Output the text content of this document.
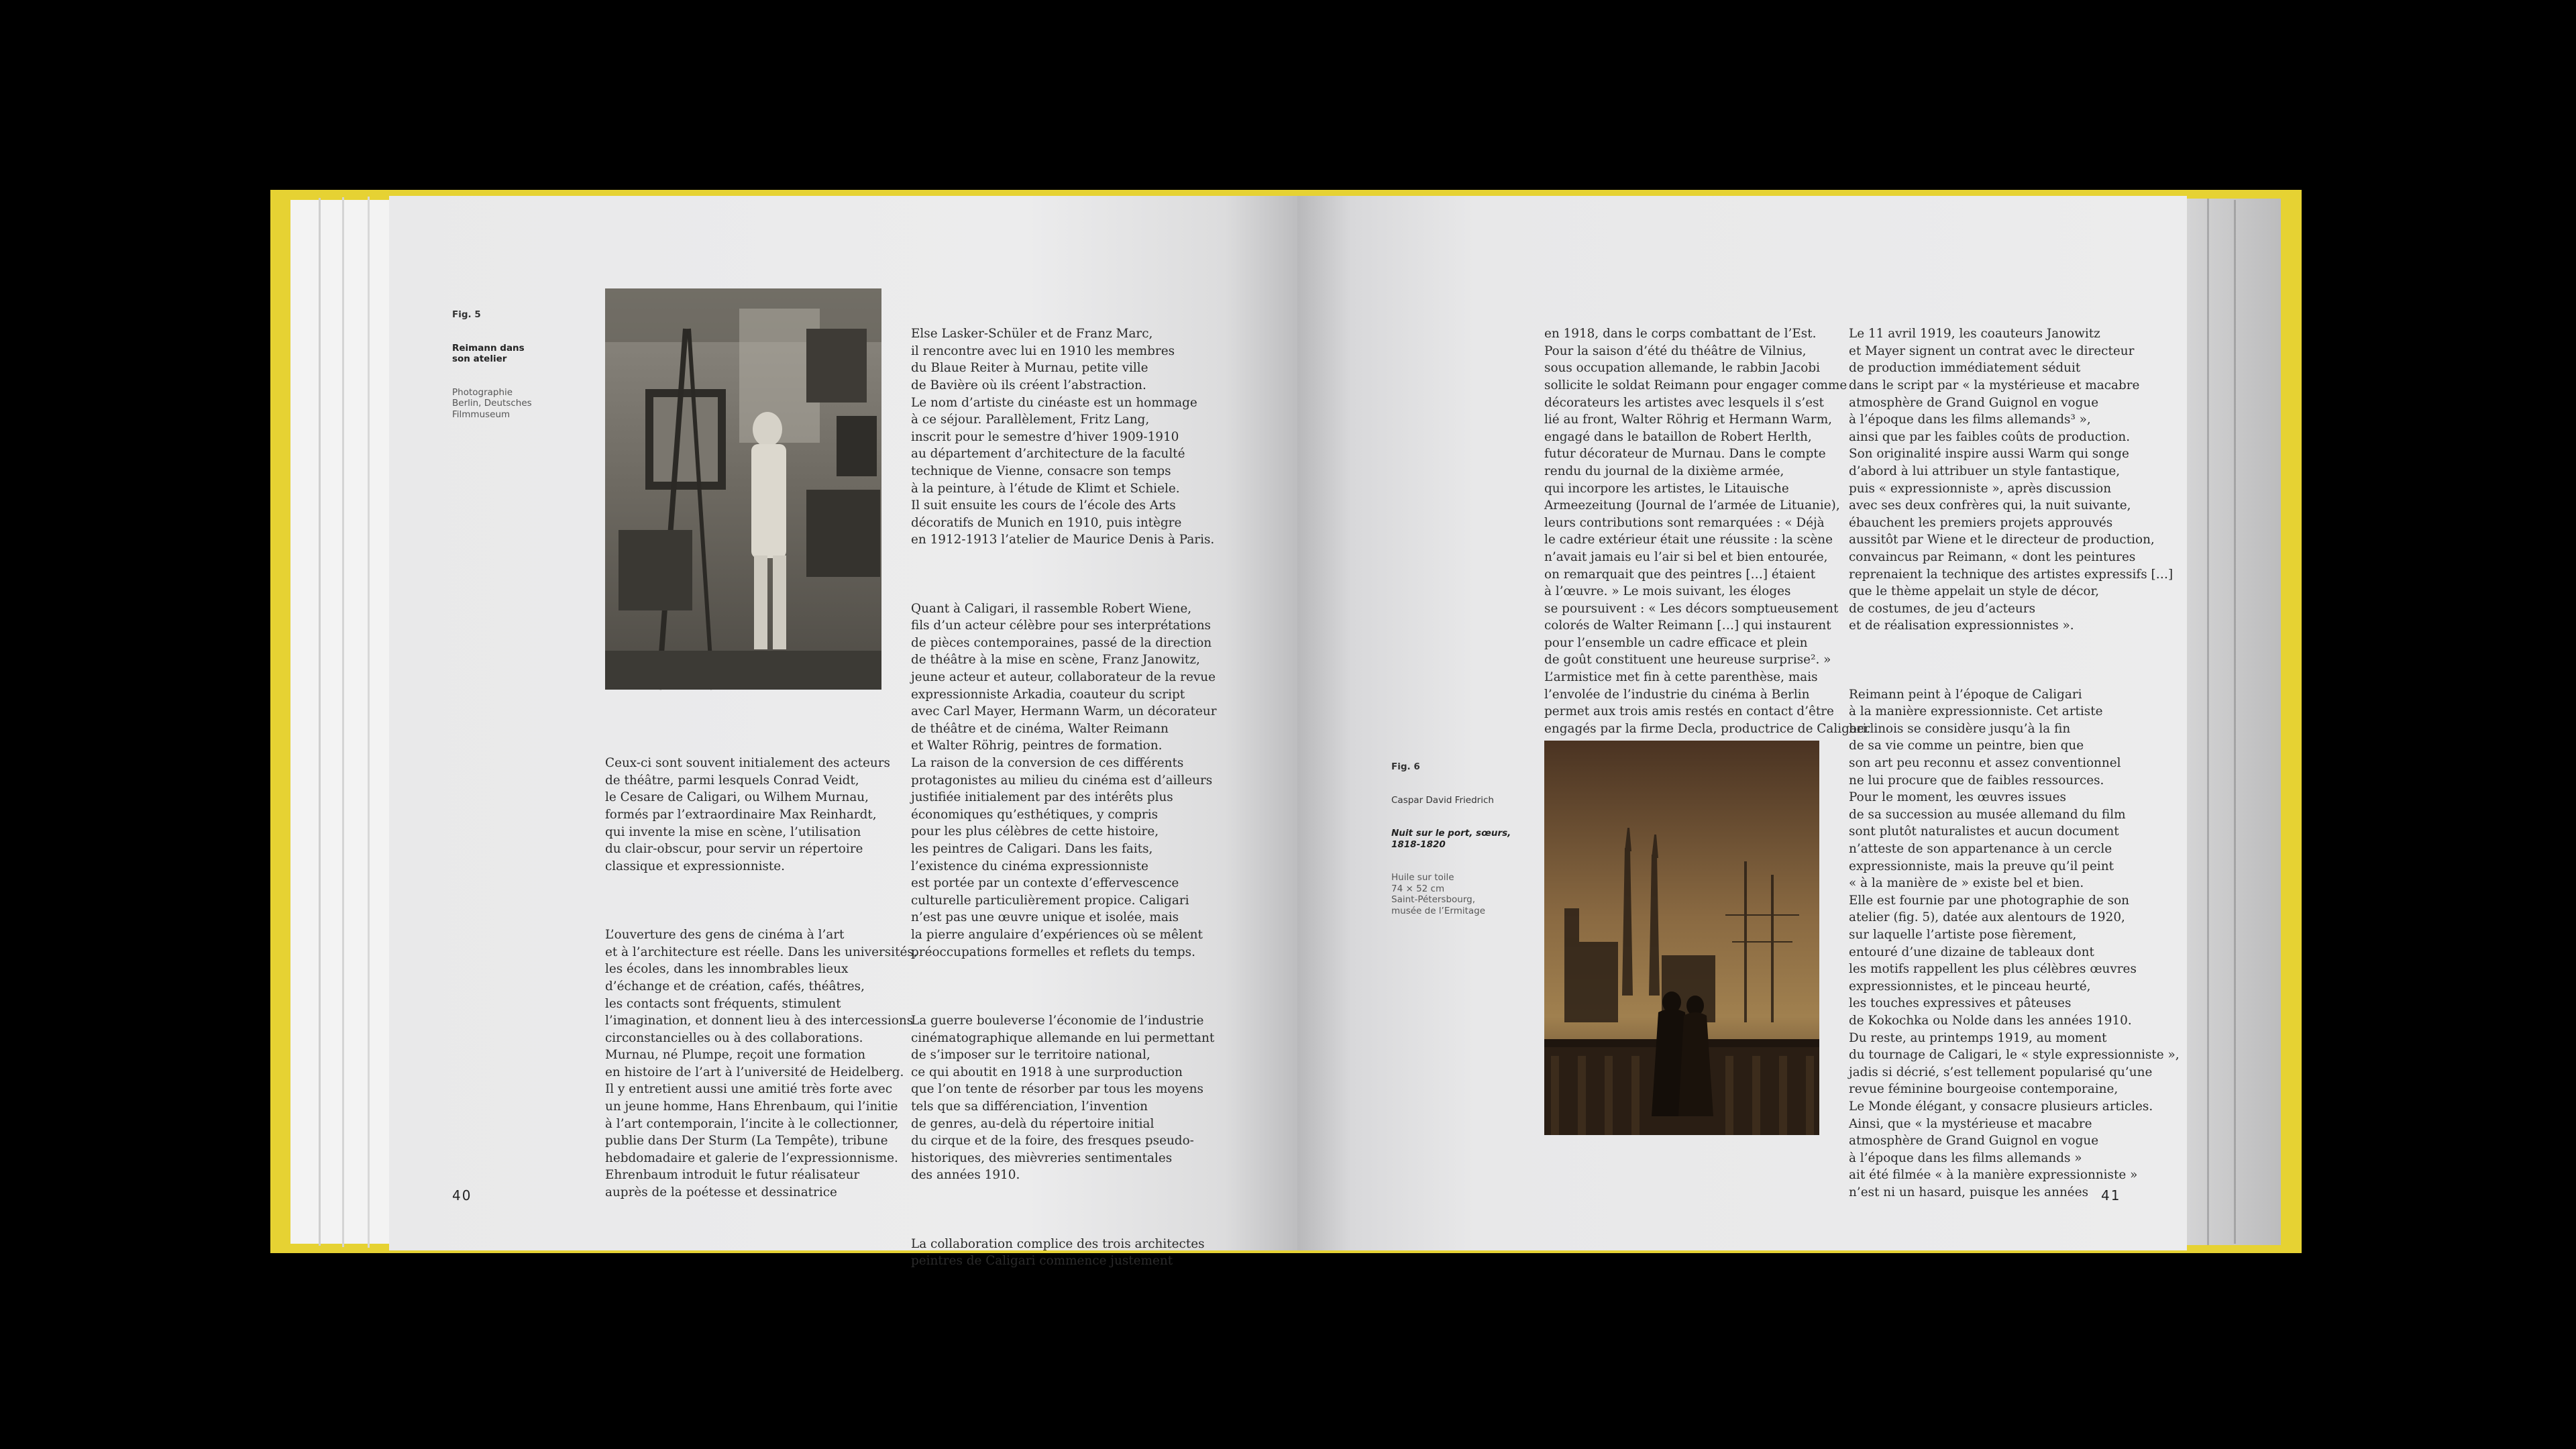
Fig. 5

Reimann dans
son atelier

Photographie
Berlin, Deutsches
Filmmuseum

Ceux-ci sont souvent initialement des acteurs
de théâtre, parmi lesquels Conrad Veidt,
le Cesare de Caligari, ou Wilhem Murnau,
formés par l’extraordinaire Max Reinhardt,
qui invente la mise en scène, l’utilisation
du clair-obscur, pour servir un répertoire
classique et expressionniste.

L’ouverture des gens de cinéma à l’art
et à l’architecture est réelle. Dans les universités,
les écoles, dans les innombrables lieux
d’échange et de création, cafés, théâtres,
les contacts sont fréquents, stimulent
l’imagination, et donnent lieu à des intercessions
circonstancielles ou à des collaborations.
Murnau, né Plumpe, reçoit une formation
en histoire de l’art à l’université de Heidelberg.
Il y entretient aussi une amitié très forte avec
un jeune homme, Hans Ehrenbaum, qui l’initie
à l’art contemporain, l’incite à le collectionner,
publie dans Der Sturm (La Tempête), tribune
hebdomadaire et galerie de l’expressionnisme.
Ehrenbaum introduit le futur réalisateur
auprès de la poétesse et dessinatrice

Else Lasker-Schüler et de Franz Marc,
il rencontre avec lui en 1910 les membres
du Blaue Reiter à Murnau, petite ville
de Bavière où ils créent l’abstraction.
Le nom d’artiste du cinéaste est un hommage
à ce séjour. Parallèlement, Fritz Lang,
inscrit pour le semestre d’hiver 1909-1910
au département d’architecture de la faculté
technique de Vienne, consacre son temps
à la peinture, à l’étude de Klimt et Schiele.
Il suit ensuite les cours de l’école des Arts
décoratifs de Munich en 1910, puis intègre
en 1912-1913 l’atelier de Maurice Denis à Paris.

Quant à Caligari, il rassemble Robert Wiene,
fils d’un acteur célèbre pour ses interprétations
de pièces contemporaines, passé de la direction
de théâtre à la mise en scène, Franz Janowitz,
jeune acteur et auteur, collaborateur de la revue
expressionniste Arkadia, coauteur du script
avec Carl Mayer, Hermann Warm, un décorateur
de théâtre et de cinéma, Walter Reimann
et Walter Röhrig, peintres de formation.
La raison de la conversion de ces différents
protagonistes au milieu du cinéma est d’ailleurs
justifiée initialement par des intérêts plus
économiques qu’esthétiques, y compris
pour les plus célèbres de cette histoire,
les peintres de Caligari. Dans les faits,
l’existence du cinéma expressionniste
est portée par un contexte d’effervescence
culturelle particulièrement propice. Caligari
n’est pas une œuvre unique et isolée, mais
la pierre angulaire d’expériences où se mêlent
préoccupations formelles et reflets du temps.

La guerre bouleverse l’économie de l’industrie
cinématographique allemande en lui permettant
de s’imposer sur le territoire national,
ce qui aboutit en 1918 à une surproduction
que l’on tente de résorber par tous les moyens
tels que sa différenciation, l’invention
de genres, au-delà du répertoire initial
du cirque et de la foire, des fresques pseudo-
historiques, des mièvreries sentimentales
des années 1910.

La collaboration complice des trois architectes
peintres de Caligari commence justement

40

en 1918, dans le corps combattant de l’Est.
Pour la saison d’été du théâtre de Vilnius,
sous occupation allemande, le rabbin Jacobi
sollicite le soldat Reimann pour engager comme
décorateurs les artistes avec lesquels il s’est
lié au front, Walter Röhrig et Hermann Warm,
engagé dans le bataillon de Robert Herlth,
futur décorateur de Murnau. Dans le compte
rendu du journal de la dixième armée,
qui incorpore les artistes, le Litauische
Armeezeitung (Journal de l’armée de Lituanie),
leurs contributions sont remarquées : « Déjà
le cadre extérieur était une réussite : la scène
n’avait jamais eu l’air si bel et bien entourée,
on remarquait que des peintres […] étaient
à l’œuvre. » Le mois suivant, les éloges
se poursuivent : « Les décors somptueusement
colorés de Walter Reimann […] qui instaurent
pour l’ensemble un cadre efficace et plein
de goût constituent une heureuse surprise². »
L’armistice met fin à cette parenthèse, mais
l’envolée de l’industrie du cinéma à Berlin
permet aux trois amis restés en contact d’être
engagés par la firme Decla, productrice de Caligari.

Fig. 6

Caspar David Friedrich

Nuit sur le port, sœurs,
1818-1820

Huile sur toile
74 × 52 cm
Saint-Pétersbourg,
musée de l’Ermitage

Le 11 avril 1919, les coauteurs Janowitz
et Mayer signent un contrat avec le directeur
de production immédiatement séduit
dans le script par « la mystérieuse et macabre
atmosphère de Grand Guignol en vogue
à l’époque dans les films allemands³ »,
ainsi que par les faibles coûts de production.
Son originalité inspire aussi Warm qui songe
d’abord à lui attribuer un style fantastique,
puis « expressionniste », après discussion
avec ses deux confrères qui, la nuit suivante,
ébauchent les premiers projets approuvés
aussitôt par Wiene et le directeur de production,
convaincus par Reimann, « dont les peintures
reprenaient la technique des artistes expressifs […]
que le thème appelait un style de décor,
de costumes, de jeu d’acteurs
et de réalisation expressionnistes ».

Reimann peint à l’époque de Caligari
à la manière expressionniste. Cet artiste
berlinois se considère jusqu’à la fin
de sa vie comme un peintre, bien que
son art peu reconnu et assez conventionnel
ne lui procure que de faibles ressources.
Pour le moment, les œuvres issues
de sa succession au musée allemand du film
sont plutôt naturalistes et aucun document
n’atteste de son appartenance à un cercle
expressionniste, mais la preuve qu’il peint
« à la manière de » existe bel et bien.
Elle est fournie par une photographie de son
atelier (fig. 5), datée aux alentours de 1920,
sur laquelle l’artiste pose fièrement,
entouré d’une dizaine de tableaux dont
les motifs rappellent les plus célèbres œuvres
expressionnistes, et le pinceau heurté,
les touches expressives et pâteuses
de Kokochka ou Nolde dans les années 1910.
Du reste, au printemps 1919, au moment
du tournage de Caligari, le « style expressionniste »,
jadis si décrié, s’est tellement popularisé qu’une
revue féminine bourgeoise contemporaine,
Le Monde élégant, y consacre plusieurs articles.
Ainsi, que « la mystérieuse et macabre
atmosphère de Grand Guignol en vogue
à l’époque dans les films allemands »
ait été filmée « à la manière expressionniste »
n’est ni un hasard, puisque les années

41
